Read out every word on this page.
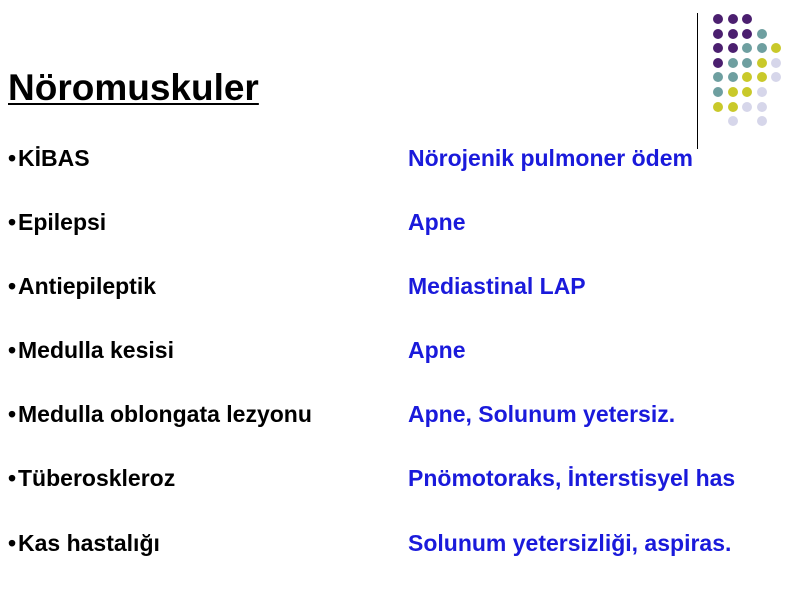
Nöromuskuler
•KİBAS	Nörojenik pulmoner ödem
•Epilepsi	Apne
•Antiepileptik	Mediastinal LAP
•Medulla kesisi	Apne
•Medulla oblongata lezyonu	Apne, Solunum yetersiz.
•Tüberoskleroz	Pnömotoraks, İnterstisyel has
•Kas hastalığı	Solunum yetersizliği, aspiras.
